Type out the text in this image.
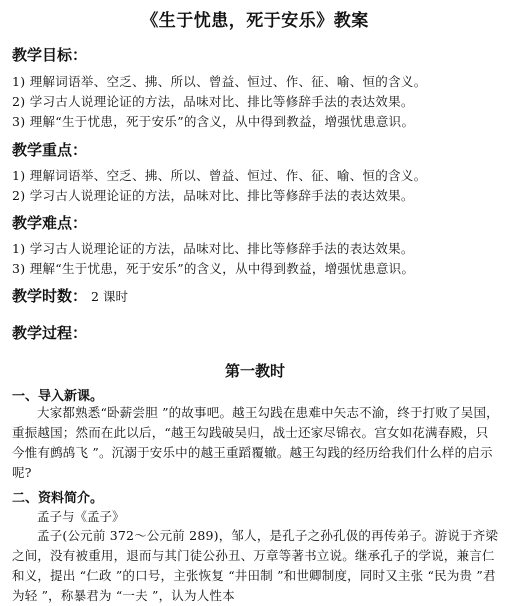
《生于忧患，死于安乐》教案
教学目标：
1) 理解词语举、空乏、拂、所以、曾益、恒过、作、征、喻、恒的含义。
2) 学习古人说理论证的方法，品味对比、排比等修辞手法的表达效果。
3) 理解“生于忧患，死于安乐”的含义，从中得到教益，增强忧患意识。
教学重点：
1) 理解词语举、空乏、拂、所以、曾益、恒过、作、征、喻、恒的含义。
2) 学习古人说理论证的方法，品味对比、排比等修辞手法的表达效果。
教学难点：
1) 学习古人说理论证的方法，品味对比、排比等修辞手法的表达效果。
3) 理解“生于忧患，死于安乐”的含义，从中得到教益，增强忧患意识。
教学时数： 2 课时
教学过程：
第一教时
一、导入新课。
大家都熟悉“卧薪尝胆 ”的故事吧。越王勾践在患难中矢志不渝，终于打败了吴国，重振越国；然而在此以后，“越王勾践破吴归，战士还家尽锦衣。宫女如花满春殿，只今惟有鹧鸪飞 ”。沉溺于安乐中的越王重蹈覆辙。越王勾践的经历给我们什么样的启示呢?
二、资料简介。
孟子与《孟子》
孟子(公元前 372～公元前 289)，邹人，是孔子之孙孔伋的再传弟子。游说于齐梁之间，没有被重用，退而与其门徒公孙丑、万章等著书立说。继承孔子的学说，兼言仁和义，提出 “仁政 ”的口号，主张恢复 “井田制 ”和世卿制度，同时又主张 “民为贵 ”君为轻 ”，称暴君为 “一夫 ”，认为人性本
